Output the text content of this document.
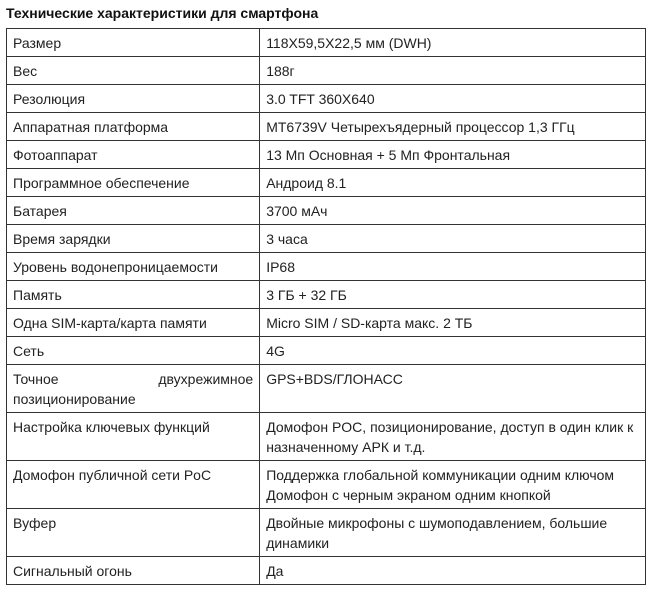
Технические характеристики для смартфона
Размер	118X59,5X22,5 мм (DWH)
Вес	188г
Резолюция	3.0 TFT 360X640
Аппаратная платформа	MT6739V Четырехъядерный процессор 1,3 ГГц
Фотоаппарат	13 Мп Основная + 5 Мп Фронтальная
Программное обеспечение	Андроид 8.1
Батарея	3700 мАч
Время зарядки	3 часа
Уровень водонепроницаемости	IP68
Память	3 ГБ + 32 ГБ
Одна SIM-карта/карта памяти	Micro SIM / SD-карта макс. 2 ТБ
Сеть	4G

Точное двухрежимное
позиционирование	GPS+BDS/ГЛОНАСС
Настройка ключевых функций	Домофон POC, позиционирование, доступ в один клик к
назначенному АРК и т.д.

Домофон публичной сети PoC	Поддержка глобальной коммуникации одним ключом
Домофон с черным экраном одним кнопкой

Вуфер	Двойные микрофоны с шумоподавлением, большие
динамики

Сигнальный огонь	Да
